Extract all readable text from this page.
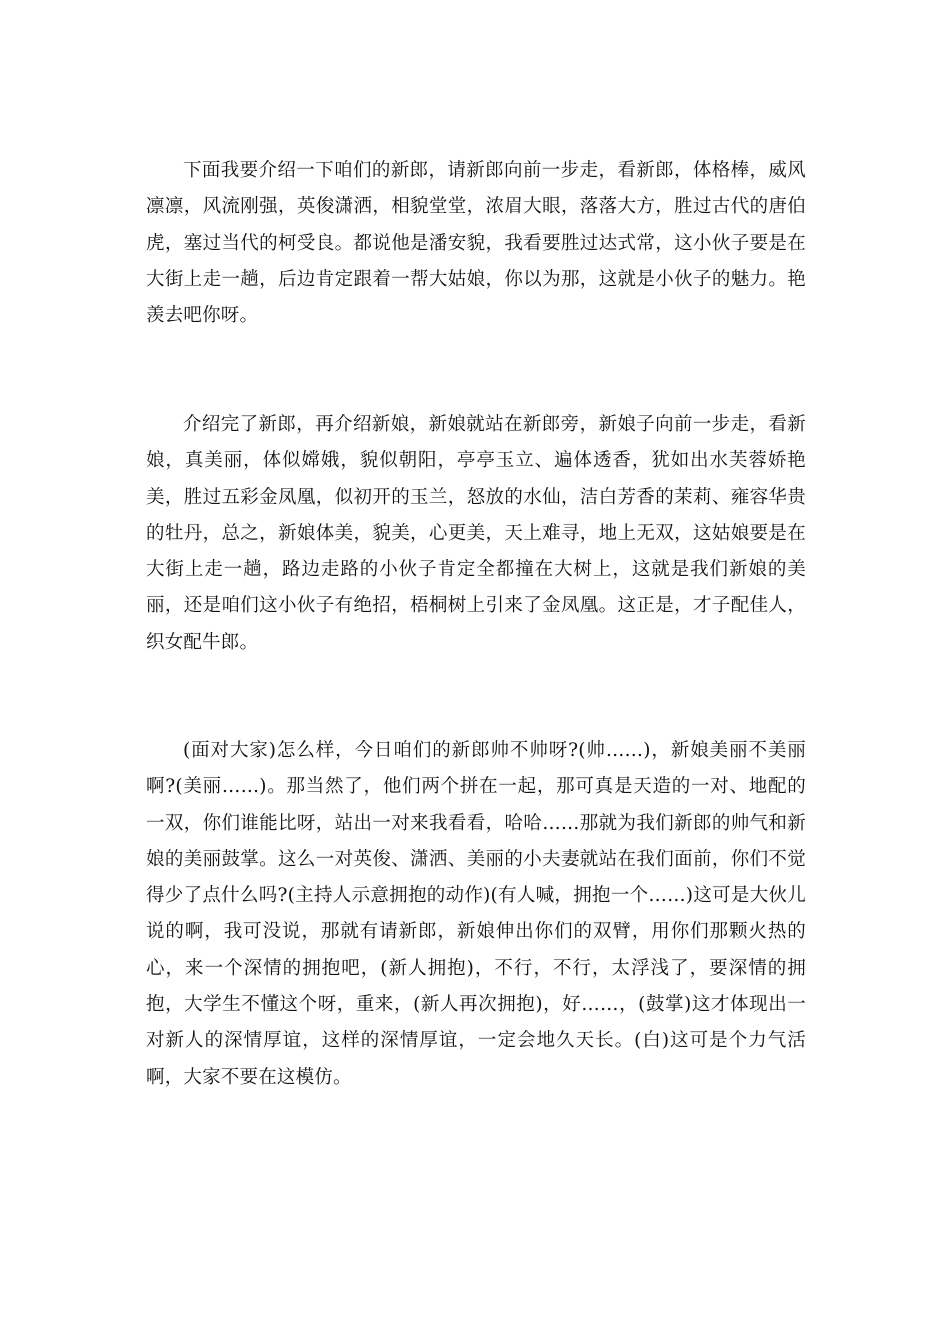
下面我要介绍一下咱们的新郎，请新郎向前一步走，看新郎，体格棒，威风凛凛，风流刚强，英俊潇洒，相貌堂堂，浓眉大眼，落落大方，胜过古代的唐伯虎，塞过当代的柯受良。都说他是潘安貌，我看要胜过达式常，这小伙子要是在大街上走一趟，后边肯定跟着一帮大姑娘，你以为那，这就是小伙子的魅力。艳羡去吧你呀。

介绍完了新郎，再介绍新娘，新娘就站在新郎旁，新娘子向前一步走，看新娘，真美丽，体似嫦娥，貌似朝阳，亭亭玉立、遍体透香，犹如出水芙蓉娇艳美，胜过五彩金凤凰，似初开的玉兰，怒放的水仙，洁白芳香的茉莉、雍容华贵的牡丹，总之，新娘体美，貌美，心更美，天上难寻，地上无双，这姑娘要是在大街上走一趟，路边走路的小伙子肯定全都撞在大树上，这就是我们新娘的美丽，还是咱们这小伙子有绝招，梧桐树上引来了金凤凰。这正是，才子配佳人，织女配牛郎。

(面对大家)怎么样，今日咱们的新郎帅不帅呀?(帅……)，新娘美丽不美丽啊?(美丽……)。那当然了，他们两个拼在一起，那可真是天造的一对、地配的一双，你们谁能比呀，站出一对来我看看，哈哈……那就为我们新郎的帅气和新娘的美丽鼓掌。这么一对英俊、潇洒、美丽的小夫妻就站在我们面前，你们不觉得少了点什么吗?(主持人示意拥抱的动作)(有人喊，拥抱一个……)这可是大伙儿说的啊，我可没说，那就有请新郎，新娘伸出你们的双臂，用你们那颗火热的心，来一个深情的拥抱吧，(新人拥抱)，不行，不行，太浮浅了，要深情的拥抱，大学生不懂这个呀，重来，(新人再次拥抱)，好……，(鼓掌)这才体现出一对新人的深情厚谊，这样的深情厚谊，一定会地久天长。(白)这可是个力气活啊，大家不要在这模仿。
